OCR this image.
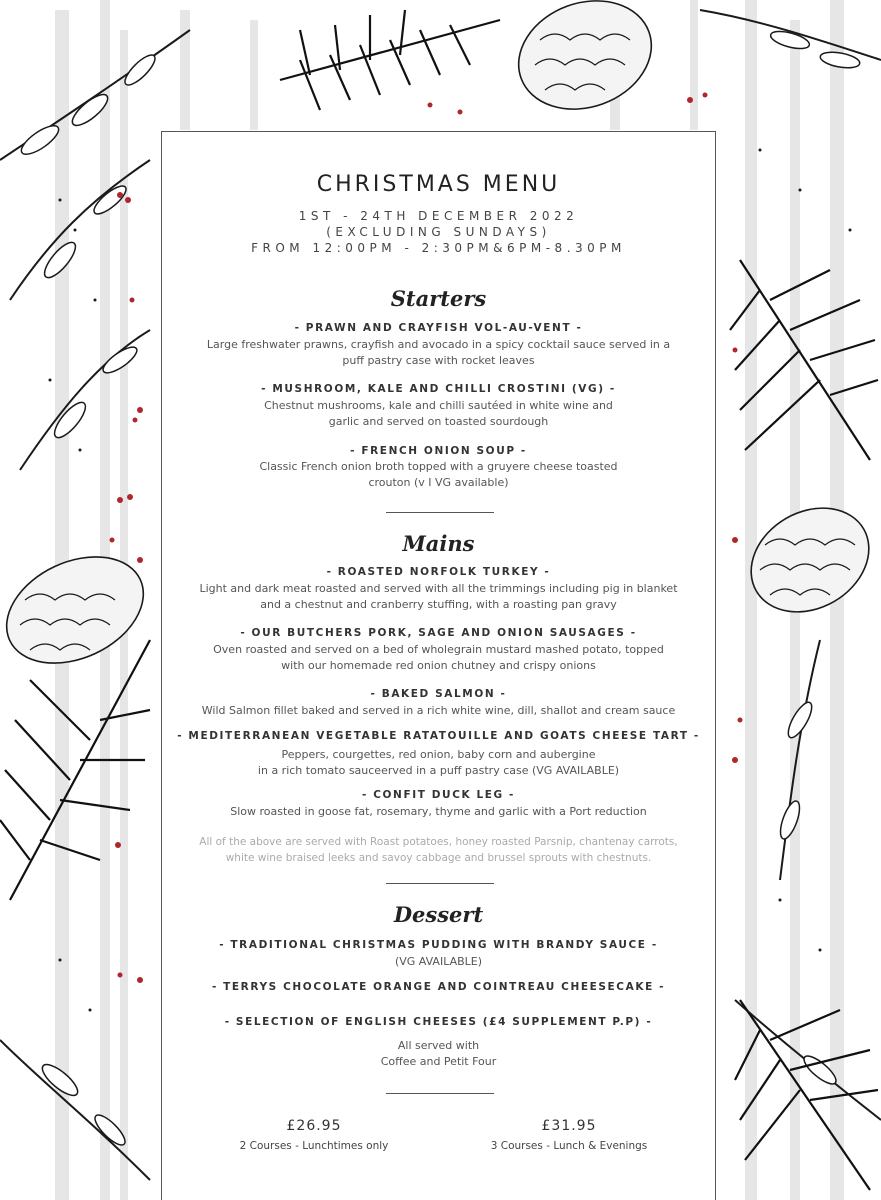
CHRISTMAS MENU
1ST - 24TH DECEMBER 2022
(EXCLUDING SUNDAYS)
FROM 12:00PM - 2:30PM&6PM-8.30PM
Starters
- PRAWN AND CRAYFISH VOL-AU-VENT -
Large freshwater prawns, crayfish and avocado in a spicy cocktail sauce served in a
puff pastry case with rocket leaves
- MUSHROOM, KALE AND CHILLI CROSTINI (VG) -
Chestnut mushrooms, kale and chilli sautéed in white wine and
garlic and served on toasted sourdough
- FRENCH ONION SOUP -
Classic French onion broth topped with a gruyere cheese toasted
crouton (v I VG available)
Mains
- ROASTED NORFOLK TURKEY -
Light and dark meat roasted and served with all the trimmings including pig in blanket
and a chestnut and cranberry stuffing, with a roasting pan gravy
- OUR BUTCHERS PORK, SAGE AND ONION SAUSAGES -
Oven roasted and served on a bed of wholegrain mustard mashed potato, topped
with our homemade red onion chutney and crispy onions
- BAKED SALMON -
Wild Salmon fillet baked and served in a rich white wine, dill, shallot and cream sauce
- MEDITERRANEAN VEGETABLE RATATOUILLE AND GOATS CHEESE TART -
Peppers, courgettes, red onion, baby corn and aubergine
in a rich tomato sauceerved in a puff pastry case (VG AVAILABLE)
- CONFIT DUCK LEG -
Slow roasted in goose fat, rosemary, thyme and garlic with a Port reduction
All of the above are served with Roast potatoes, honey roasted Parsnip, chantenay carrots,
white wine braised leeks and savoy cabbage and brussel sprouts with chestnuts.
Dessert
- TRADITIONAL CHRISTMAS PUDDING WITH BRANDY SAUCE -
(VG AVAILABLE)
- TERRYS CHOCOLATE ORANGE AND COINTREAU CHEESECAKE -
- SELECTION OF ENGLISH CHEESES (£4 SUPPLEMENT P.P) -
All served with
Coffee and Petit Four
£26.95
2 Courses - Lunchtimes only
£31.95
3 Courses - Lunch & Evenings
